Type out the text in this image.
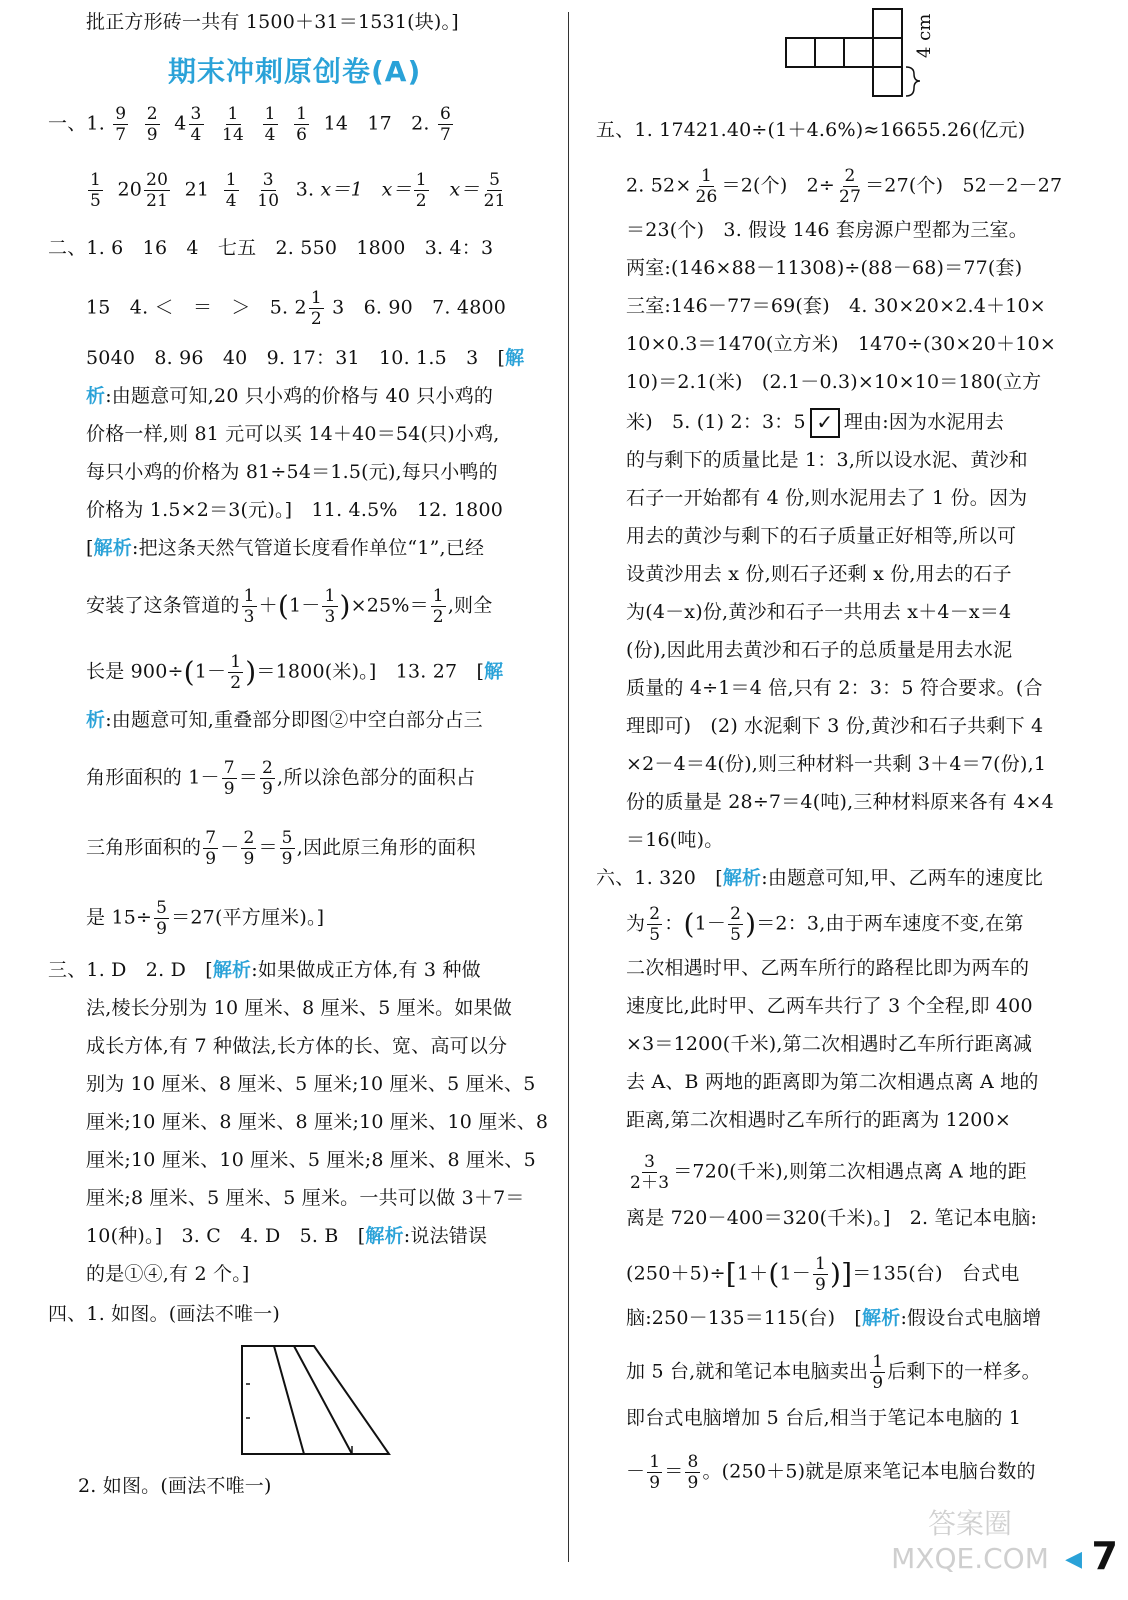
批正方形砖一共有 1500＋31＝1531(块)。]
期末冲刺原创卷(A)
一、1. $\frac{9}{7}$
$\frac{2}{9} 4 \frac{3}{4}$
$\frac{1}{14}$
$\frac{1}{4}$
$\frac{1}{6} 14$　17　2. $\frac{6}{7}$
$\frac{1}{5} 20 \frac{20}{21} 21 \frac{1}{4}$
$\frac{3}{10} 3$. x＝1 $x= \frac{1}{2} x= \frac{5}{21}$
二、1. 6　16　4　七五　2. 550　1800　3. 4：3
15　4. ＜　＝　＞　5. $2 \frac{1}{2} 3$　6. 90　7. 4800
5040　8. 96　40　9. 17：31　10. 1.5　3　[解
析:由题意可知,20 只小鸡的价格与 40 只小鸡的
价格一样,则 81 元可以买 14＋40＝54(只)小鸡,
每只小鸡的价格为 81÷54＝1.5(元),每只小鸭的
价格为 1.5×2＝3(元)。]　11. 4.5%　12. 1800
[解析:把这条天然气管道长度看作单位“1”,已经
安装了这条管道的 $\frac{1}{3} +(1- \frac{1}{3} )\times 25\%= \frac{1}{2}$ ,则全
长是 $900\div(1- \frac{1}{2} )=1800$(米)。]　13. 27　[解
析:由题意可知,重叠部分即图②中空白部分占三
角形面积的 $1- \frac{7}{9} = \frac{2}{9}$ ,所以涂色部分的面积占
三角形面积的 $\frac{7}{9} - \frac{2}{9} = \frac{5}{9}$ ,因此原三角形的面积
是 $15\div \frac{5}{9} =27$(平方厘米)。]
三、1. D　2. D　[解析:如果做成正方体,有 3 种做
法,棱长分别为 10 厘米、8 厘米、5 厘米。如果做
成长方体,有 7 种做法,长方体的长、宽、高可以分
别为 10 厘米、8 厘米、5 厘米;10 厘米、5 厘米、5
厘米;10 厘米、8 厘米、8 厘米;10 厘米、10 厘米、8
厘米;10 厘米、10 厘米、5 厘米;8 厘米、8 厘米、5
厘米;8 厘米、5 厘米、5 厘米。一共可以做 3＋7＝
10(种)。]　3. C　4. D　5. B　[解析:说法错误
的是①④,有 2 个。]
四、1. 如图。(画法不唯一)
2. 如图。(画法不唯一)
4 cm
五、1. 17421.40÷(1＋4.6%)≈16655.26(亿元)
2. $52\times \frac{1}{26} =2$(个)　$2\div \frac{2}{27} =27$(个)　52－2－27
＝23(个)　3. 假设 146 套房源户型都为三室。
两室:(146×88－11308)÷(88－68)＝77(套)
三室:146－77＝69(套)　4. 30×20×2.4＋10×
10×0.3＝1470(立方米)　1470÷(30×20＋10×
10)＝2.1(米)　(2.1－0.3)×10×10＝180(立方
米)　5. (1) 2：3：5 ✓ 理由:因为水泥用去
的与剩下的质量比是 1：3,所以设水泥、黄沙和
石子一开始都有 4 份,则水泥用去了 1 份。因为
用去的黄沙与剩下的石子质量正好相等,所以可
设黄沙用去 x 份,则石子还剩 x 份,用去的石子
为(4－x)份,黄沙和石子一共用去 x＋4－x＝4
(份),因此用去黄沙和石子的总质量是用去水泥
质量的 4÷1＝4 倍,只有 2：3：5 符合要求。(合
理即可)　(2) 水泥剩下 3 份,黄沙和石子共剩下 4
×2－4＝4(份),则三种材料一共剩 3＋4＝7(份),1
份的质量是 28÷7＝4(吨),三种材料原来各有 4×4
＝16(吨)。
六、1. 320　[解析:由题意可知,甲、乙两车的速度比
为 $\frac{2}{5}$ ：$(1- \frac{2}{5} )=2$：3,由于两车速度不变,在第
二次相遇时甲、乙两车所行的路程比即为两车的
速度比,此时甲、乙两车共行了 3 个全程,即 400
×3＝1200(千米),第二次相遇时乙车所行距离减
去 A、B 两地的距离即为第二次相遇点离 A 地的
距离,第二次相遇时乙车所行的距离为 1200×
$\frac{3}{2+3} =720$(千米),则第二次相遇点离 A 地的距
离是 720－400＝320(千米)。]　2. 笔记本电脑:
$(250+5)\div[1+(1- \frac{1}{9} )]=135$(台)　台式电
脑:250－135＝115(台)　[解析:假设台式电脑增
加 5 台,就和笔记本电脑卖出 $\frac{1}{9}$ 后剩下的一样多。
即台式电脑增加 5 台后,相当于笔记本电脑的 1
－ $\frac{1}{9} = \frac{8}{9}$ 。(250＋5)就是原来笔记本电脑台数的
答案圈 MXQE.COM ◀ 7
